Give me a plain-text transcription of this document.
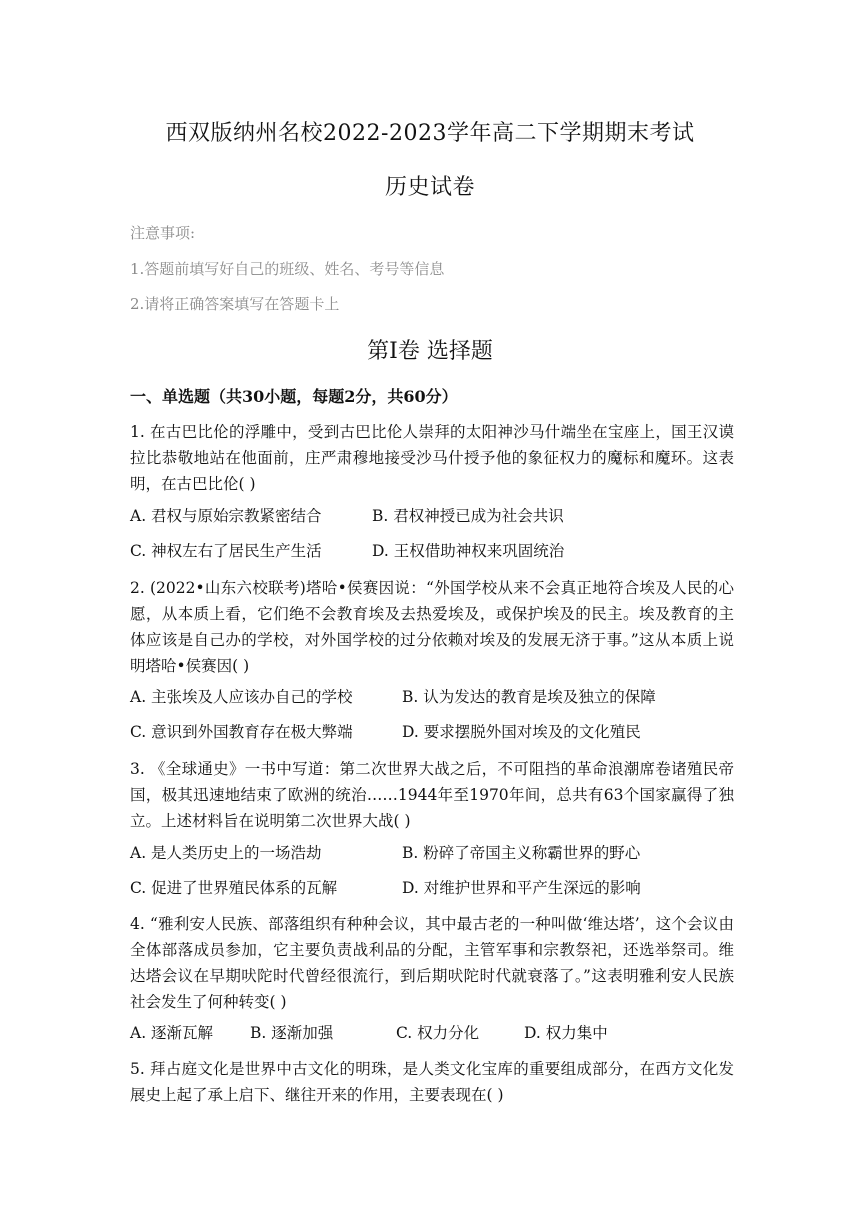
西双版纳州名校2022-2023学年高二下学期期末考试
历史试卷
注意事项:
1.答题前填写好自己的班级、姓名、考号等信息
2.请将正确答案填写在答题卡上
第Ⅰ卷 选择题
一、单选题（共30小题，每题2分，共60分）
1. 在古巴比伦的浮雕中，受到古巴比伦人崇拜的太阳神沙马什端坐在宝座上，国王汉谟拉比恭敬地站在他面前，庄严肃穆地接受沙马什授予他的象征权力的魔标和魔环。这表明，在古巴比伦( )
A. 君权与原始宗教紧密结合	B. 君权神授已成为社会共识
C. 神权左右了居民生产生活	D. 王权借助神权来巩固统治
2. (2022•山东六校联考)塔哈•侯赛因说：“外国学校从来不会真正地符合埃及人民的心愿，从本质上看，它们绝不会教育埃及去热爱埃及，或保护埃及的民主。埃及教育的主体应该是自己办的学校，对外国学校的过分依赖对埃及的发展无济于事。”这从本质上说明塔哈•侯赛因( )
A. 主张埃及人应该办自己的学校	B. 认为发达的教育是埃及独立的保障
C. 意识到外国教育存在极大弊端	D. 要求摆脱外国对埃及的文化殖民
3. 《全球通史》一书中写道：第二次世界大战之后，不可阻挡的革命浪潮席卷诸殖民帝国，极其迅速地结束了欧洲的统治……1944年至1970年间，总共有63个国家赢得了独立。上述材料旨在说明第二次世界大战( )
A. 是人类历史上的一场浩劫	B. 粉碎了帝国主义称霸世界的野心
C. 促进了世界殖民体系的瓦解	D. 对维护世界和平产生深远的影响
4. “雅利安人民族、部落组织有种种会议，其中最古老的一种叫做‘维达塔’，这个会议由全体部落成员参加，它主要负责战利品的分配，主管军事和宗教祭祀，还选举祭司。维达塔会议在早期吠陀时代曾经很流行，到后期吠陀时代就衰落了。”这表明雅利安人民族社会发生了何种转变( )
A. 逐渐瓦解 B. 逐渐加强	C. 权力分化	D. 权力集中
5. 拜占庭文化是世界中古文化的明珠，是人类文化宝库的重要组成部分，在西方文化发展史上起了承上启下、继往开来的作用，主要表现在( )
